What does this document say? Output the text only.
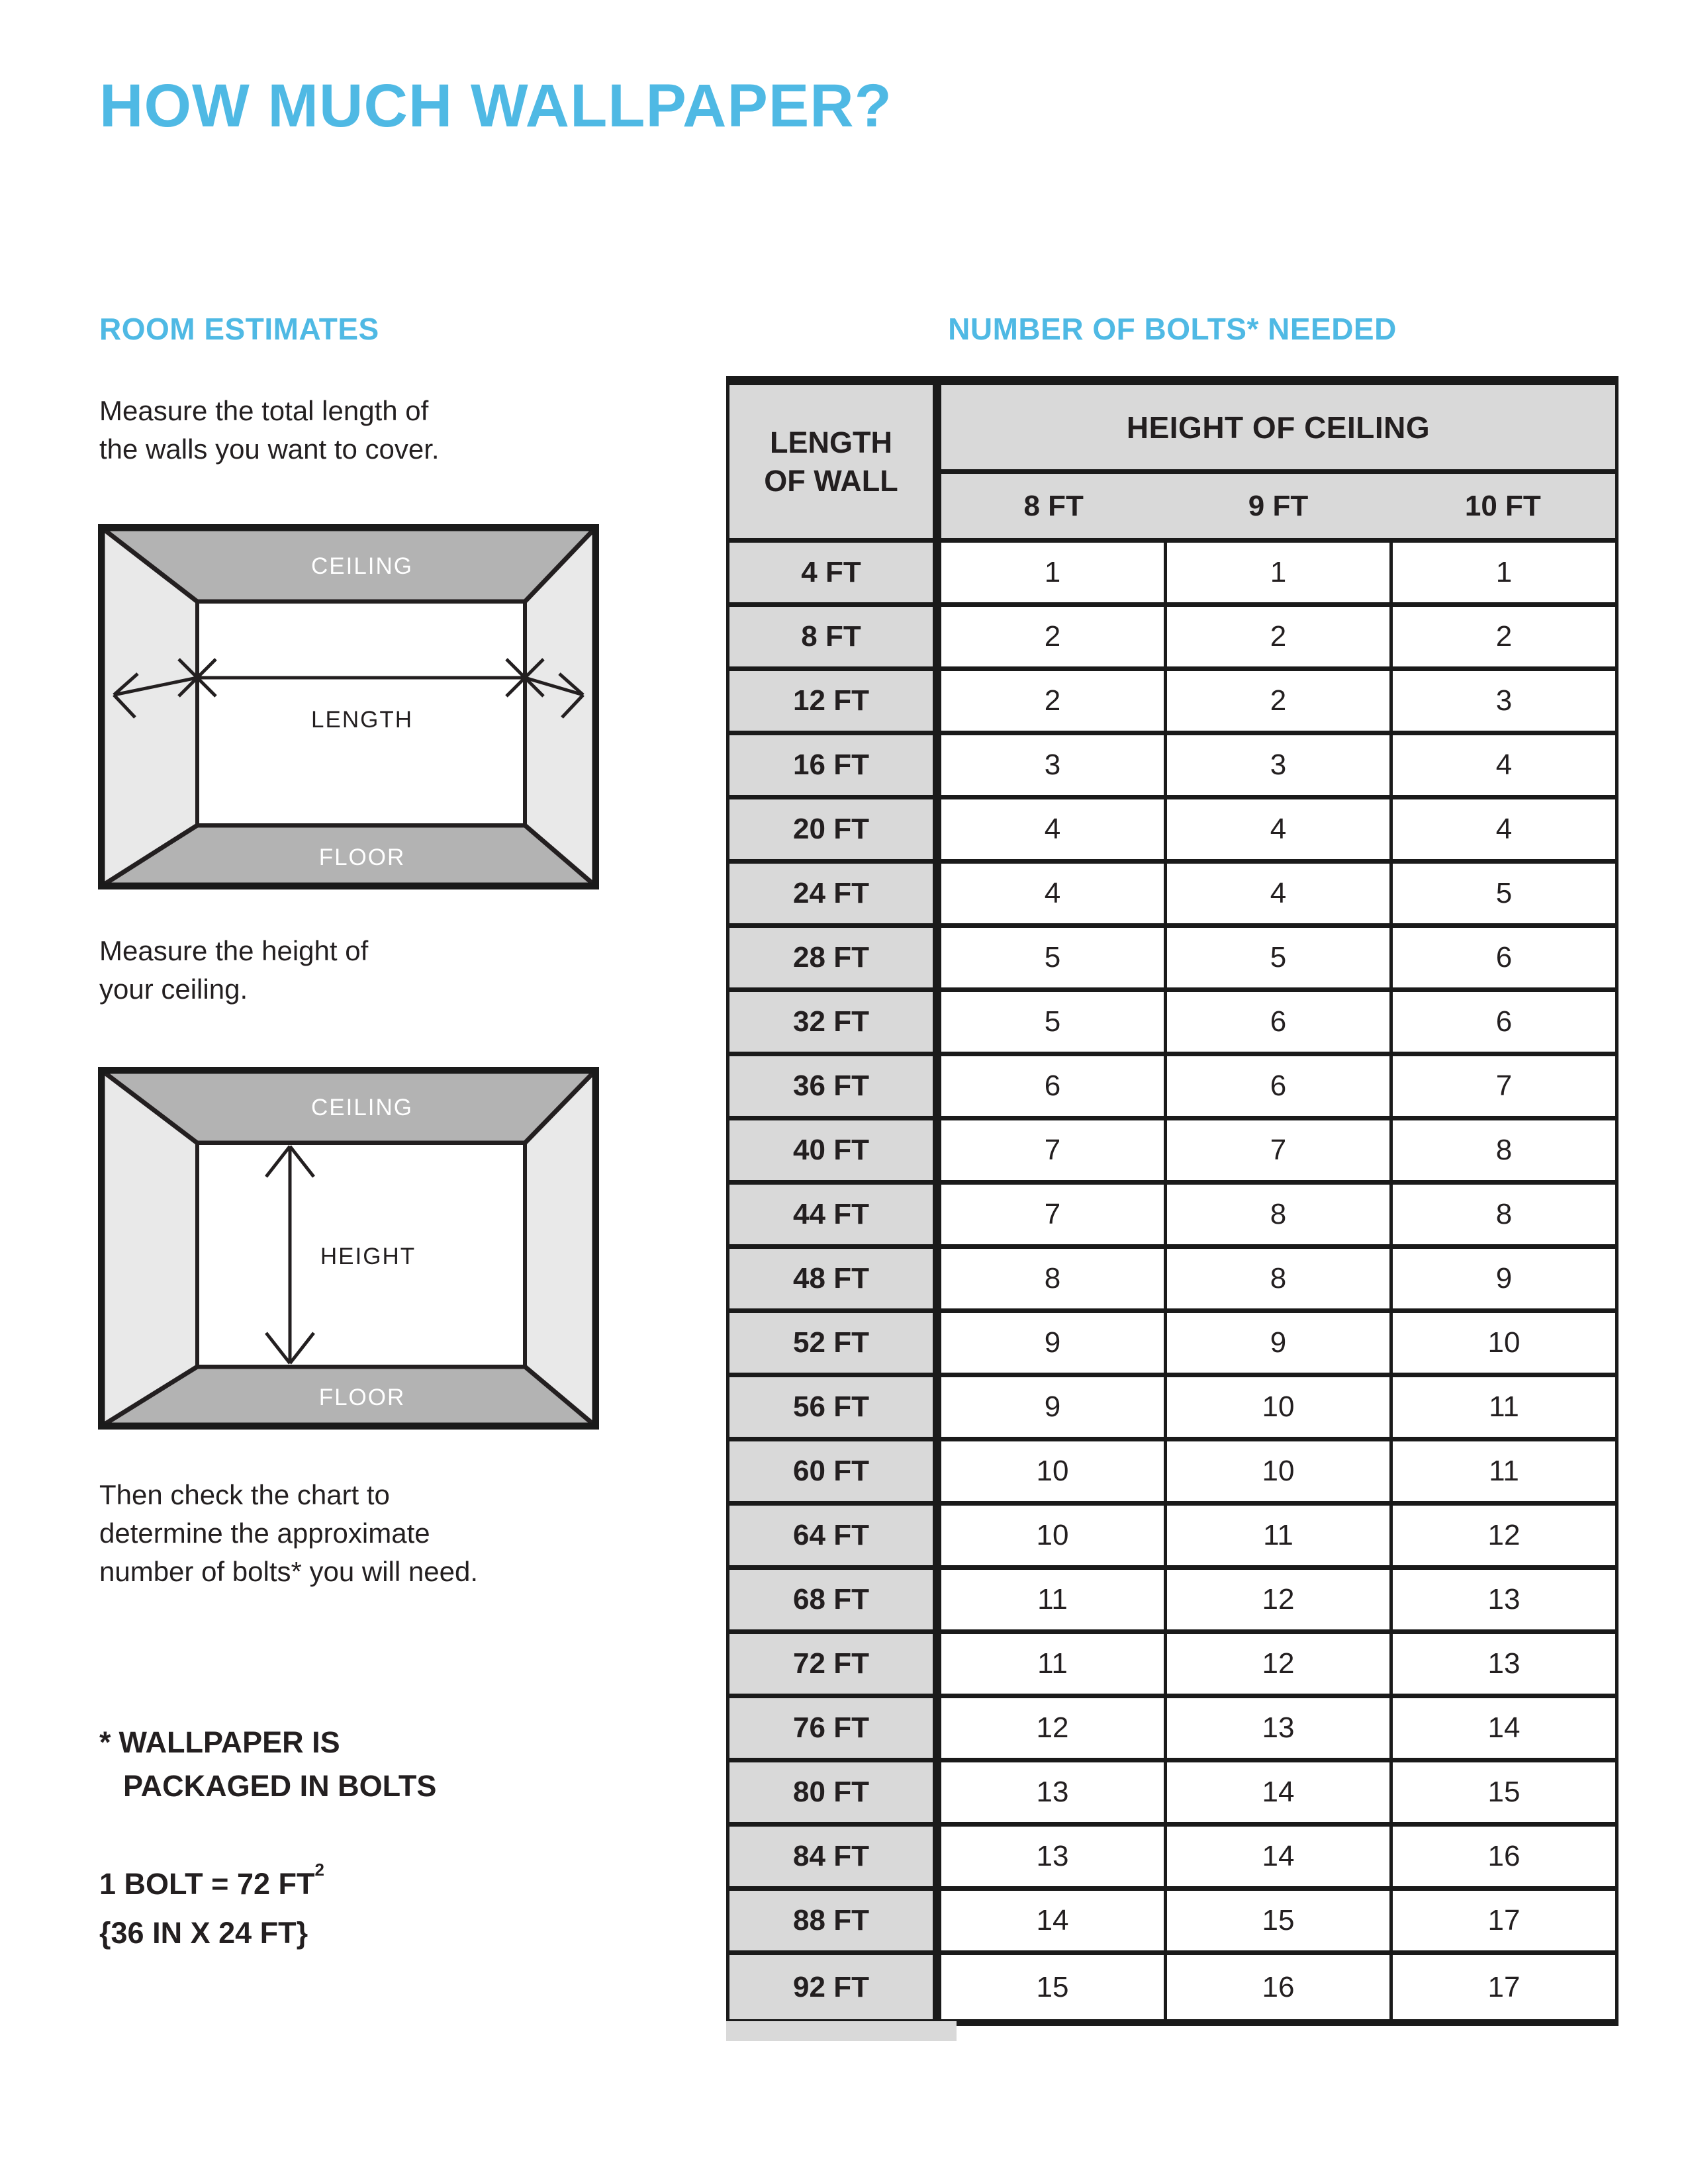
HOW MUCH WALLPAPER?
ROOM ESTIMATES
Measure the total length of
the walls you want to cover.
CEILING
FLOOR
LENGTH
Measure the height of
your ceiling.
CEILING
FLOOR
HEIGHT
Then check the chart to
determine the approximate
number of bolts* you will need.
* WALLPAPER IS
PACKAGED IN BOLTS
1 BOLT = 72 $FT^2$
{36 IN X 24 FT}
NUMBER OF BOLTS* NEEDED
LENGTH
OF WALL
HEIGHT OF CEILING
8 FT	9 FT	10 FT
4 FT	1	1	1
8 FT	2	2	2
12 FT	2	2	3
16 FT	3	3	4
20 FT	4	4	4
24 FT	4	4	5
28 FT	5	5	6
32 FT	5	6	6
36 FT	6	6	7
40 FT	7	7	8
44 FT	7	8	8
48 FT	8	8	9
52 FT	9	9	10
56 FT	9	10	11
60 FT	10	10	11
64 FT	10	11	12
68 FT	11	12	13
72 FT	11	12	13
76 FT	12	13	14
80 FT	13	14	15
84 FT	13	14	16
88 FT	14	15	17
92 FT	15	16	17
